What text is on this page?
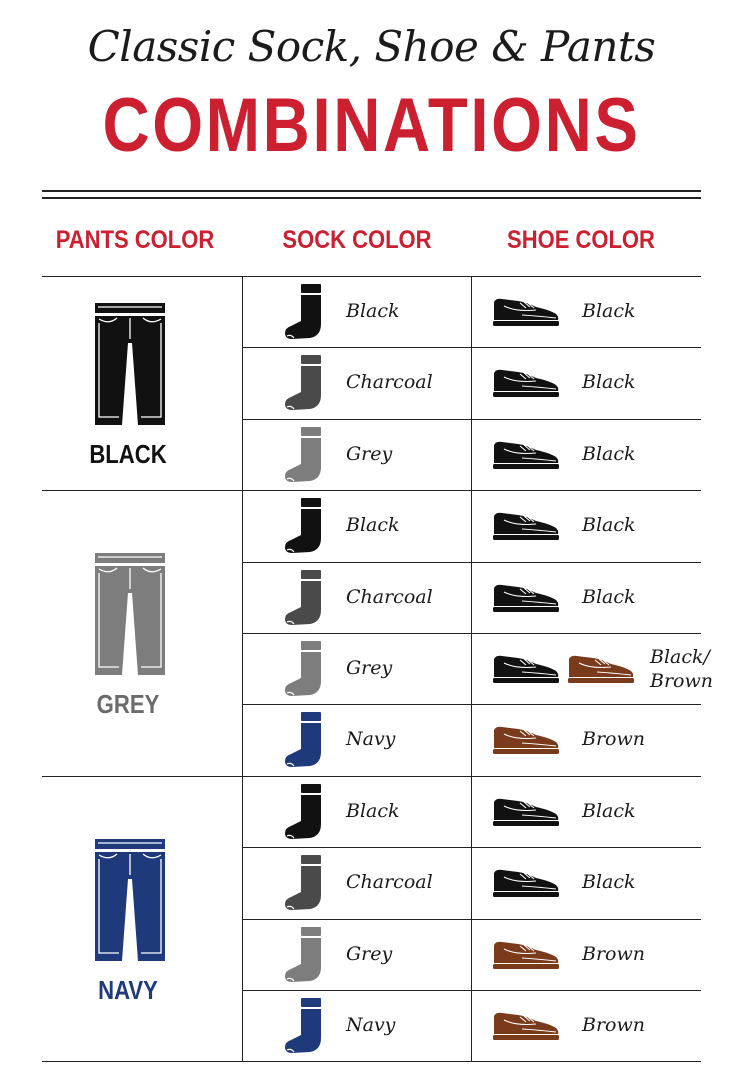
Classic Sock, Shoe & Pants
COMBINATIONS
PANTS COLOR	SOCK COLOR	SHOE COLOR
BLACK
Black	Black
Charcoal	Black
Grey	Black
GREY
Black	Black
Charcoal	Black
Grey	Black/
Brown
Navy	Brown
NAVY
Black	Black
Charcoal	Black
Grey	Brown
Navy	Brown
